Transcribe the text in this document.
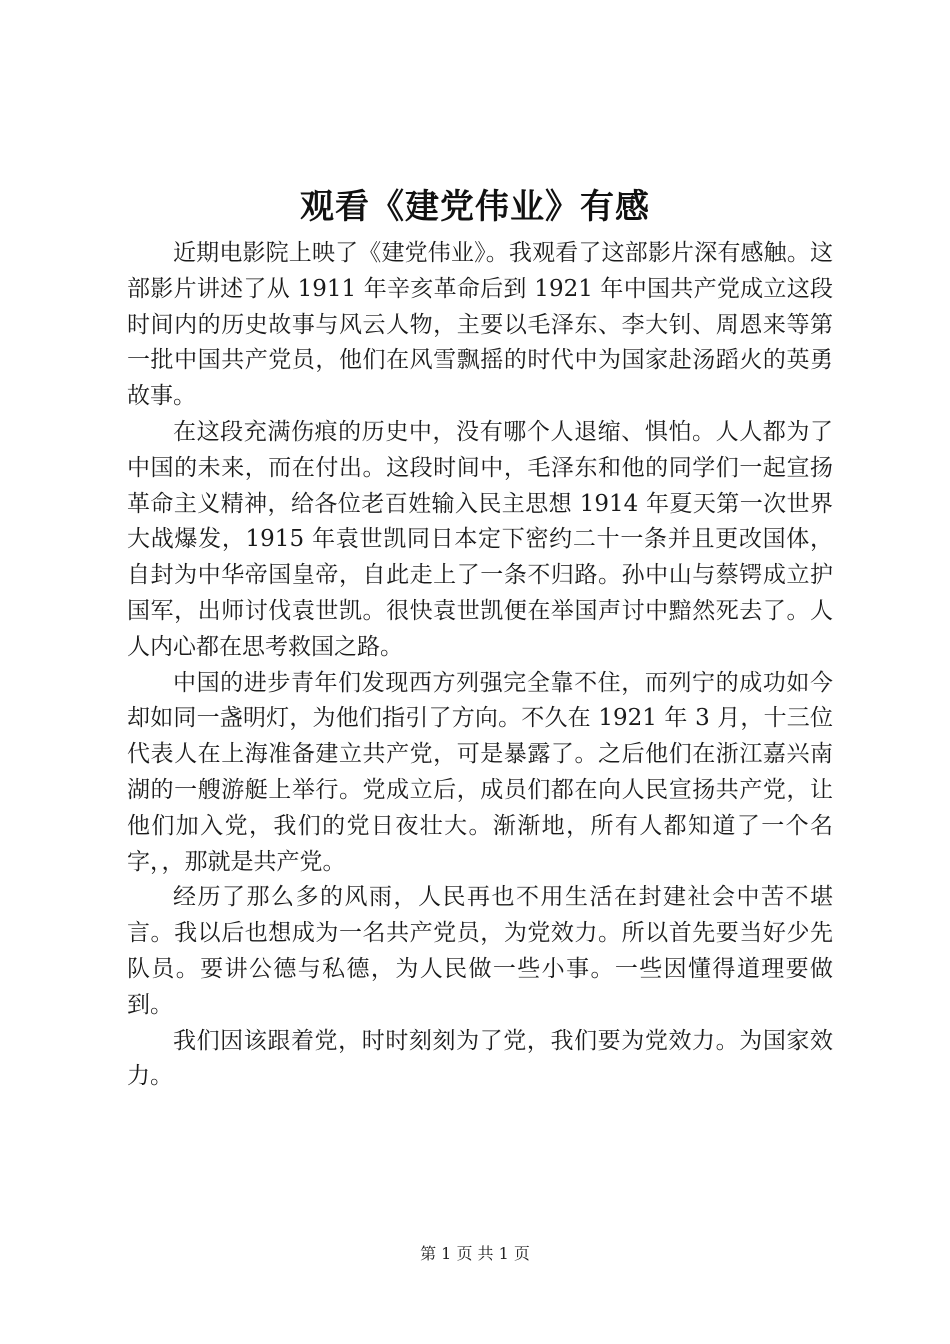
观看《建党伟业》有感

近期电影院上映了《建党伟业》。我观看了这部影片深有感触。这部影片讲述了从 1911 年辛亥革命后到 1921 年中国共产党成立这段时间内的历史故事与风云人物，主要以毛泽东、李大钊、周恩来等第一批中国共产党员，他们在风雪飘摇的时代中为国家赴汤蹈火的英勇故事。

在这段充满伤痕的历史中，没有哪个人退缩、惧怕。人人都为了中国的未来，而在付出。这段时间中，毛泽东和他的同学们一起宣扬革命主义精神，给各位老百姓输入民主思想 1914 年夏天第一次世界大战爆发，1915 年袁世凯同日本定下密约二十一条并且更改国体，自封为中华帝国皇帝，自此走上了一条不归路。孙中山与蔡锷成立护国军，出师讨伐袁世凯。很快袁世凯便在举国声讨中黯然死去了。人人内心都在思考救国之路。

中国的进步青年们发现西方列强完全靠不住，而列宁的成功如今却如同一盏明灯，为他们指引了方向。不久在 1921 年 3 月，十三位代表人在上海准备建立共产党，可是暴露了。之后他们在浙江嘉兴南湖的一艘游艇上举行。党成立后，成员们都在向人民宣扬共产党，让他们加入党，我们的党日夜壮大。渐渐地，所有人都知道了一个名字，，那就是共产党。

经历了那么多的风雨，人民再也不用生活在封建社会中苦不堪言。我以后也想成为一名共产党员，为党效力。所以首先要当好少先队员。要讲公德与私德，为人民做一些小事。一些因懂得道理要做到。

我们因该跟着党，时时刻刻为了党，我们要为党效力。为国家效力。

第 1 页 共 1 页
